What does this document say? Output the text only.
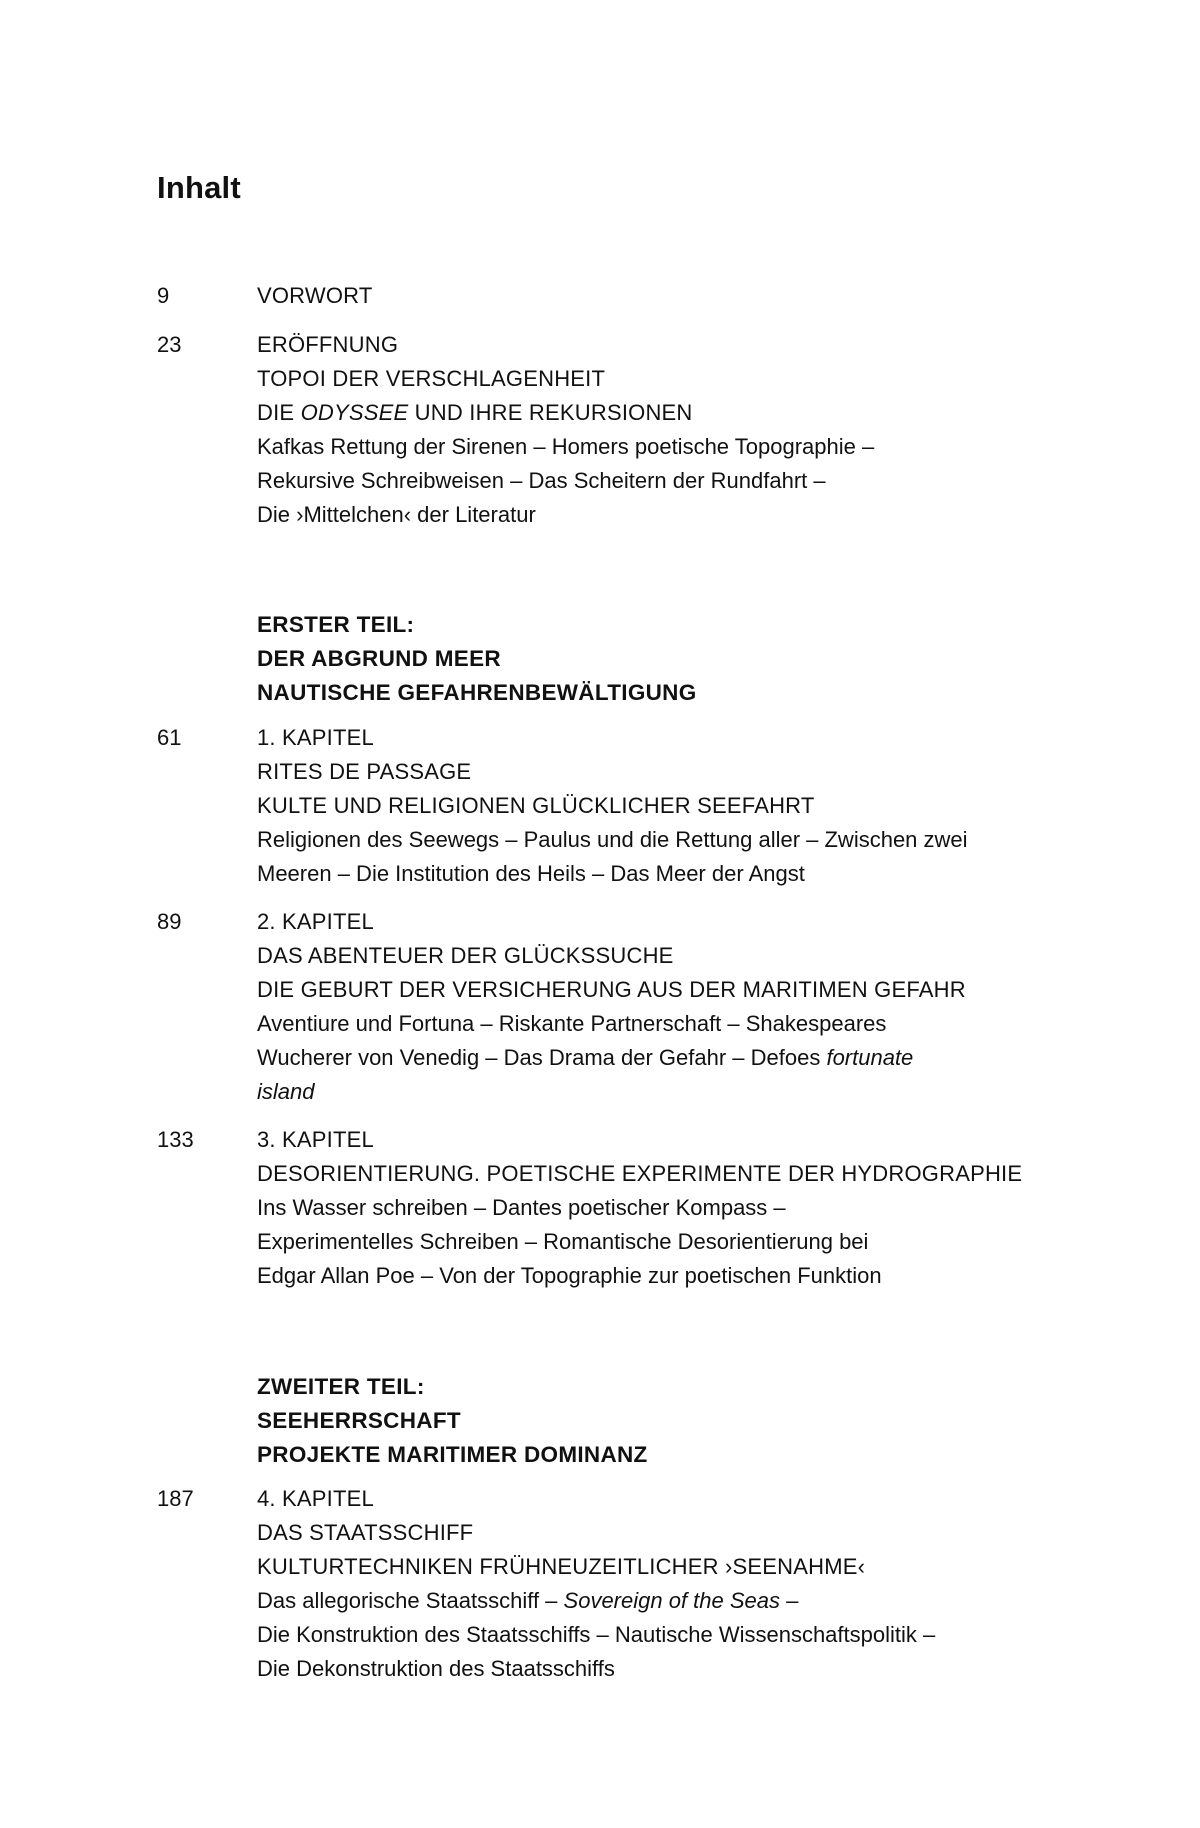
Inhalt
9	VORWORT
23	ERÖFFNUNG
TOPOI DER VERSCHLAGENHEIT
DIE ODYSSEE UND IHRE REKURSIONEN
Kafkas Rettung der Sirenen – Homers poetische Topographie –
Rekursive Schreibweisen – Das Scheitern der Rundfahrt –
Die ›Mittelchen‹ der Literatur
ERSTER TEIL:
DER ABGRUND MEER
NAUTISCHE GEFAHRENBEWÄLTIGUNG
61	1. KAPITEL
RITES DE PASSAGE
KULTE UND RELIGIONEN GLÜCKLICHER SEEFAHRT
Religionen des Seewegs – Paulus und die Rettung aller – Zwischen zwei
Meeren – Die Institution des Heils – Das Meer der Angst
89	2. KAPITEL
DAS ABENTEUER DER GLÜCKSSUCHE
DIE GEBURT DER VERSICHERUNG AUS DER MARITIMEN GEFAHR
Aventiure und Fortuna – Riskante Partnerschaft – Shakespeares
Wucherer von Venedig – Das Drama der Gefahr – Defoes fortunate
island
133	3. KAPITEL
DESORIENTIERUNG. POETISCHE EXPERIMENTE DER HYDROGRAPHIE
Ins Wasser schreiben – Dantes poetischer Kompass –
Experimentelles Schreiben – Romantische Desorientierung bei
Edgar Allan Poe – Von der Topographie zur poetischen Funktion
ZWEITER TEIL:
SEEHERRSCHAFT
PROJEKTE MARITIMER DOMINANZ
187	4. KAPITEL
DAS STAATSSCHIFF
KULTURTECHNIKEN FRÜHNEUZEITLICHER ›SEENAHME‹
Das allegorische Staatsschiff – Sovereign of the Seas –
Die Konstruktion des Staatsschiffs – Nautische Wissenschaftspolitik –
Die Dekonstruktion des Staatsschiffs
